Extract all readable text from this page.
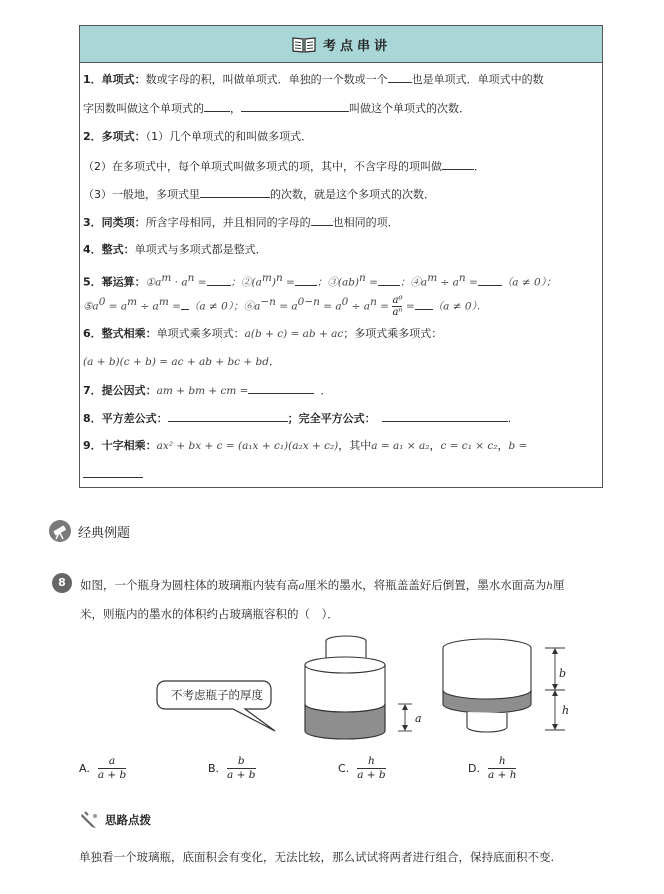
考点串讲
1．单项式：数或字母的积，叫做单项式．单独的一个数或一个 也是单项式．单项式中的数
字因数叫做这个单项式的 ，	叫做这个单项式的次数．
2．多项式：（1）几个单项式的和叫做多项式．
（2）在多项式中，每个单项式叫做多项式的项，其中，不含字母的项叫做	．
（3）一般地，多项式里	的次数，就是这个多项式的次数．
3．同类项：所含字母相同，并且相同的字母的 也相同的项．
4．整式：单项式与多项式都是整式．
5．幂运算：$①a^m \cdot a^n$ = ；$②(a^m)^n$ = ；③(ab)$^n$ = ；$④a^m \div a^n = (a \ne 0)$；
$⑤a^0 = a^m \div a^m = (a \ne 0)$；$⑥a^{-n} = a^{0-n} = a^0 \div a^n = \frac{\text{a⁰}}{\text{aⁿ}} = (a \ne 0)$．
6．整式相乘：单项式乘多项式：a(b + c) = ab + ac；多项式乘多项式：
(a + b)(c + b) = ac + ab + bc + bd．
7．提公因式：am + bm + cm =	．
8．平方差公式：	；完全平方公式：	.
9．十字相乘：ax² + bx + c = (a₁x + c₁)(a₂x + c₂)，其中a = a₁ × a₂，c = c₁ × c₂，b =
经典例题
8	如图，一个瓶身为圆柱体的玻璃瓶内装有高a厘米的墨水，将瓶盖盖好后倒置，墨水水面高为h厘
米，则瓶内的墨水的体积约占玻璃瓶容积的（　）．
不考虑瓶子的厚度
a
b
h
A. $\frac{a}{a + b}$	B. $\frac{b}{a + b}$	C. $\frac{h}{a + b}$	D. $\frac{h}{a + h}$
思路点拨
单独看一个玻璃瓶，底面积会有变化，无法比较，那么试试将两者进行组合，保持底面积不变.
